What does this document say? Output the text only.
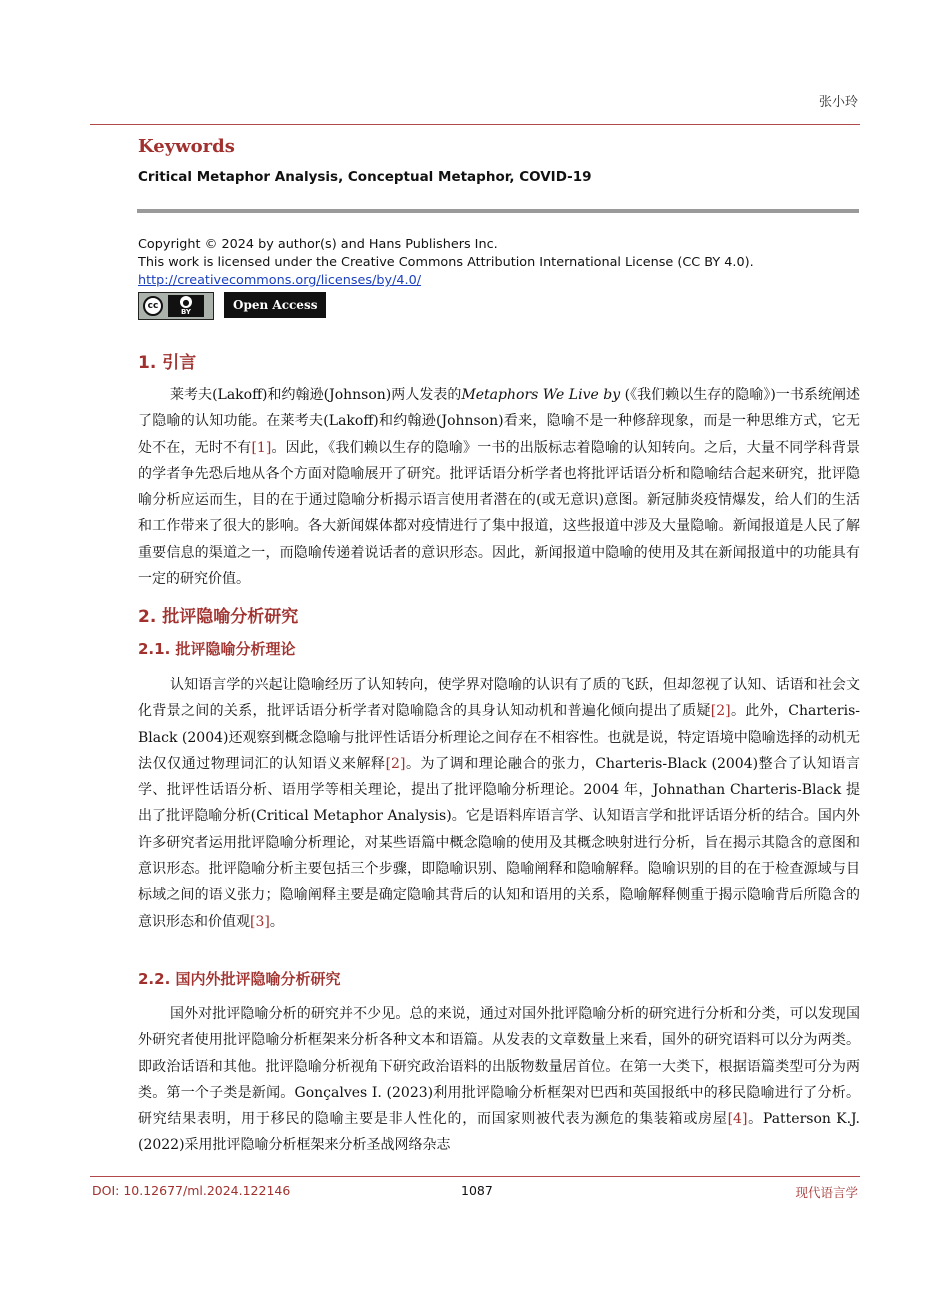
张小玲
Keywords
Critical Metaphor Analysis, Conceptual Metaphor, COVID-19
Copyright © 2024 by author(s) and Hans Publishers Inc.
This work is licensed under the Creative Commons Attribution International License (CC BY 4.0).
http://creativecommons.org/licenses/by/4.0/
cc	●
BY	Open Access
1. 引言
莱考夫(Lakoff)和约翰逊(Johnson)两人发表的Metaphors We Live by (《我们赖以生存的隐喻》)一书系统阐述了隐喻的认知功能。在莱考夫(Lakoff)和约翰逊(Johnson)看来，隐喻不是一种修辞现象，而是一种思维方式，它无处不在，无时不有[1]。因此，《我们赖以生存的隐喻》一书的出版标志着隐喻的认知转向。之后，大量不同学科背景的学者争先恐后地从各个方面对隐喻展开了研究。批评话语分析学者也将批评话语分析和隐喻结合起来研究，批评隐喻分析应运而生，目的在于通过隐喻分析揭示语言使用者潜在的(或无意识)意图。新冠肺炎疫情爆发，给人们的生活和工作带来了很大的影响。各大新闻媒体都对疫情进行了集中报道，这些报道中涉及大量隐喻。新闻报道是人民了解重要信息的渠道之一，而隐喻传递着说话者的意识形态。因此，新闻报道中隐喻的使用及其在新闻报道中的功能具有一定的研究价值。
2. 批评隐喻分析研究
2.1. 批评隐喻分析理论
认知语言学的兴起让隐喻经历了认知转向，使学界对隐喻的认识有了质的飞跃，但却忽视了认知、话语和社会文化背景之间的关系，批评话语分析学者对隐喻隐含的具身认知动机和普遍化倾向提出了质疑[2]。此外，Charteris-Black (2004)还观察到概念隐喻与批评性话语分析理论之间存在不相容性。也就是说，特定语境中隐喻选择的动机无法仅仅通过物理词汇的认知语义来解释[2]。为了调和理论融合的张力，Charteris-Black (2004)整合了认知语言学、批评性话语分析、语用学等相关理论，提出了批评隐喻分析理论。2004 年，Johnathan Charteris-Black 提出了批评隐喻分析(Critical Metaphor Analysis)。它是语料库语言学、认知语言学和批评话语分析的结合。国内外许多研究者运用批评隐喻分析理论，对某些语篇中概念隐喻的使用及其概念映射进行分析，旨在揭示其隐含的意图和意识形态。批评隐喻分析主要包括三个步骤，即隐喻识别、隐喻阐释和隐喻解释。隐喻识别的目的在于检查源域与目标域之间的语义张力；隐喻阐释主要是确定隐喻其背后的认知和语用的关系，隐喻解释侧重于揭示隐喻背后所隐含的意识形态和价值观[3]。
2.2. 国内外批评隐喻分析研究
国外对批评隐喻分析的研究并不少见。总的来说，通过对国外批评隐喻分析的研究进行分析和分类，可以发现国外研究者使用批评隐喻分析框架来分析各种文本和语篇。从发表的文章数量上来看，国外的研究语料可以分为两类。即政治话语和其他。批评隐喻分析视角下研究政治语料的出版物数量居首位。在第一大类下，根据语篇类型可分为两类。第一个子类是新闻。Gonçalves I. (2023)利用批评隐喻分析框架对巴西和英国报纸中的移民隐喻进行了分析。研究结果表明，用于移民的隐喻主要是非人性化的，而国家则被代表为濒危的集装箱或房屋[4]。Patterson K.J. (2022)采用批评隐喻分析框架来分析圣战网络杂志
DOI: 10.12677/ml.2024.122146	1087	现代语言学
